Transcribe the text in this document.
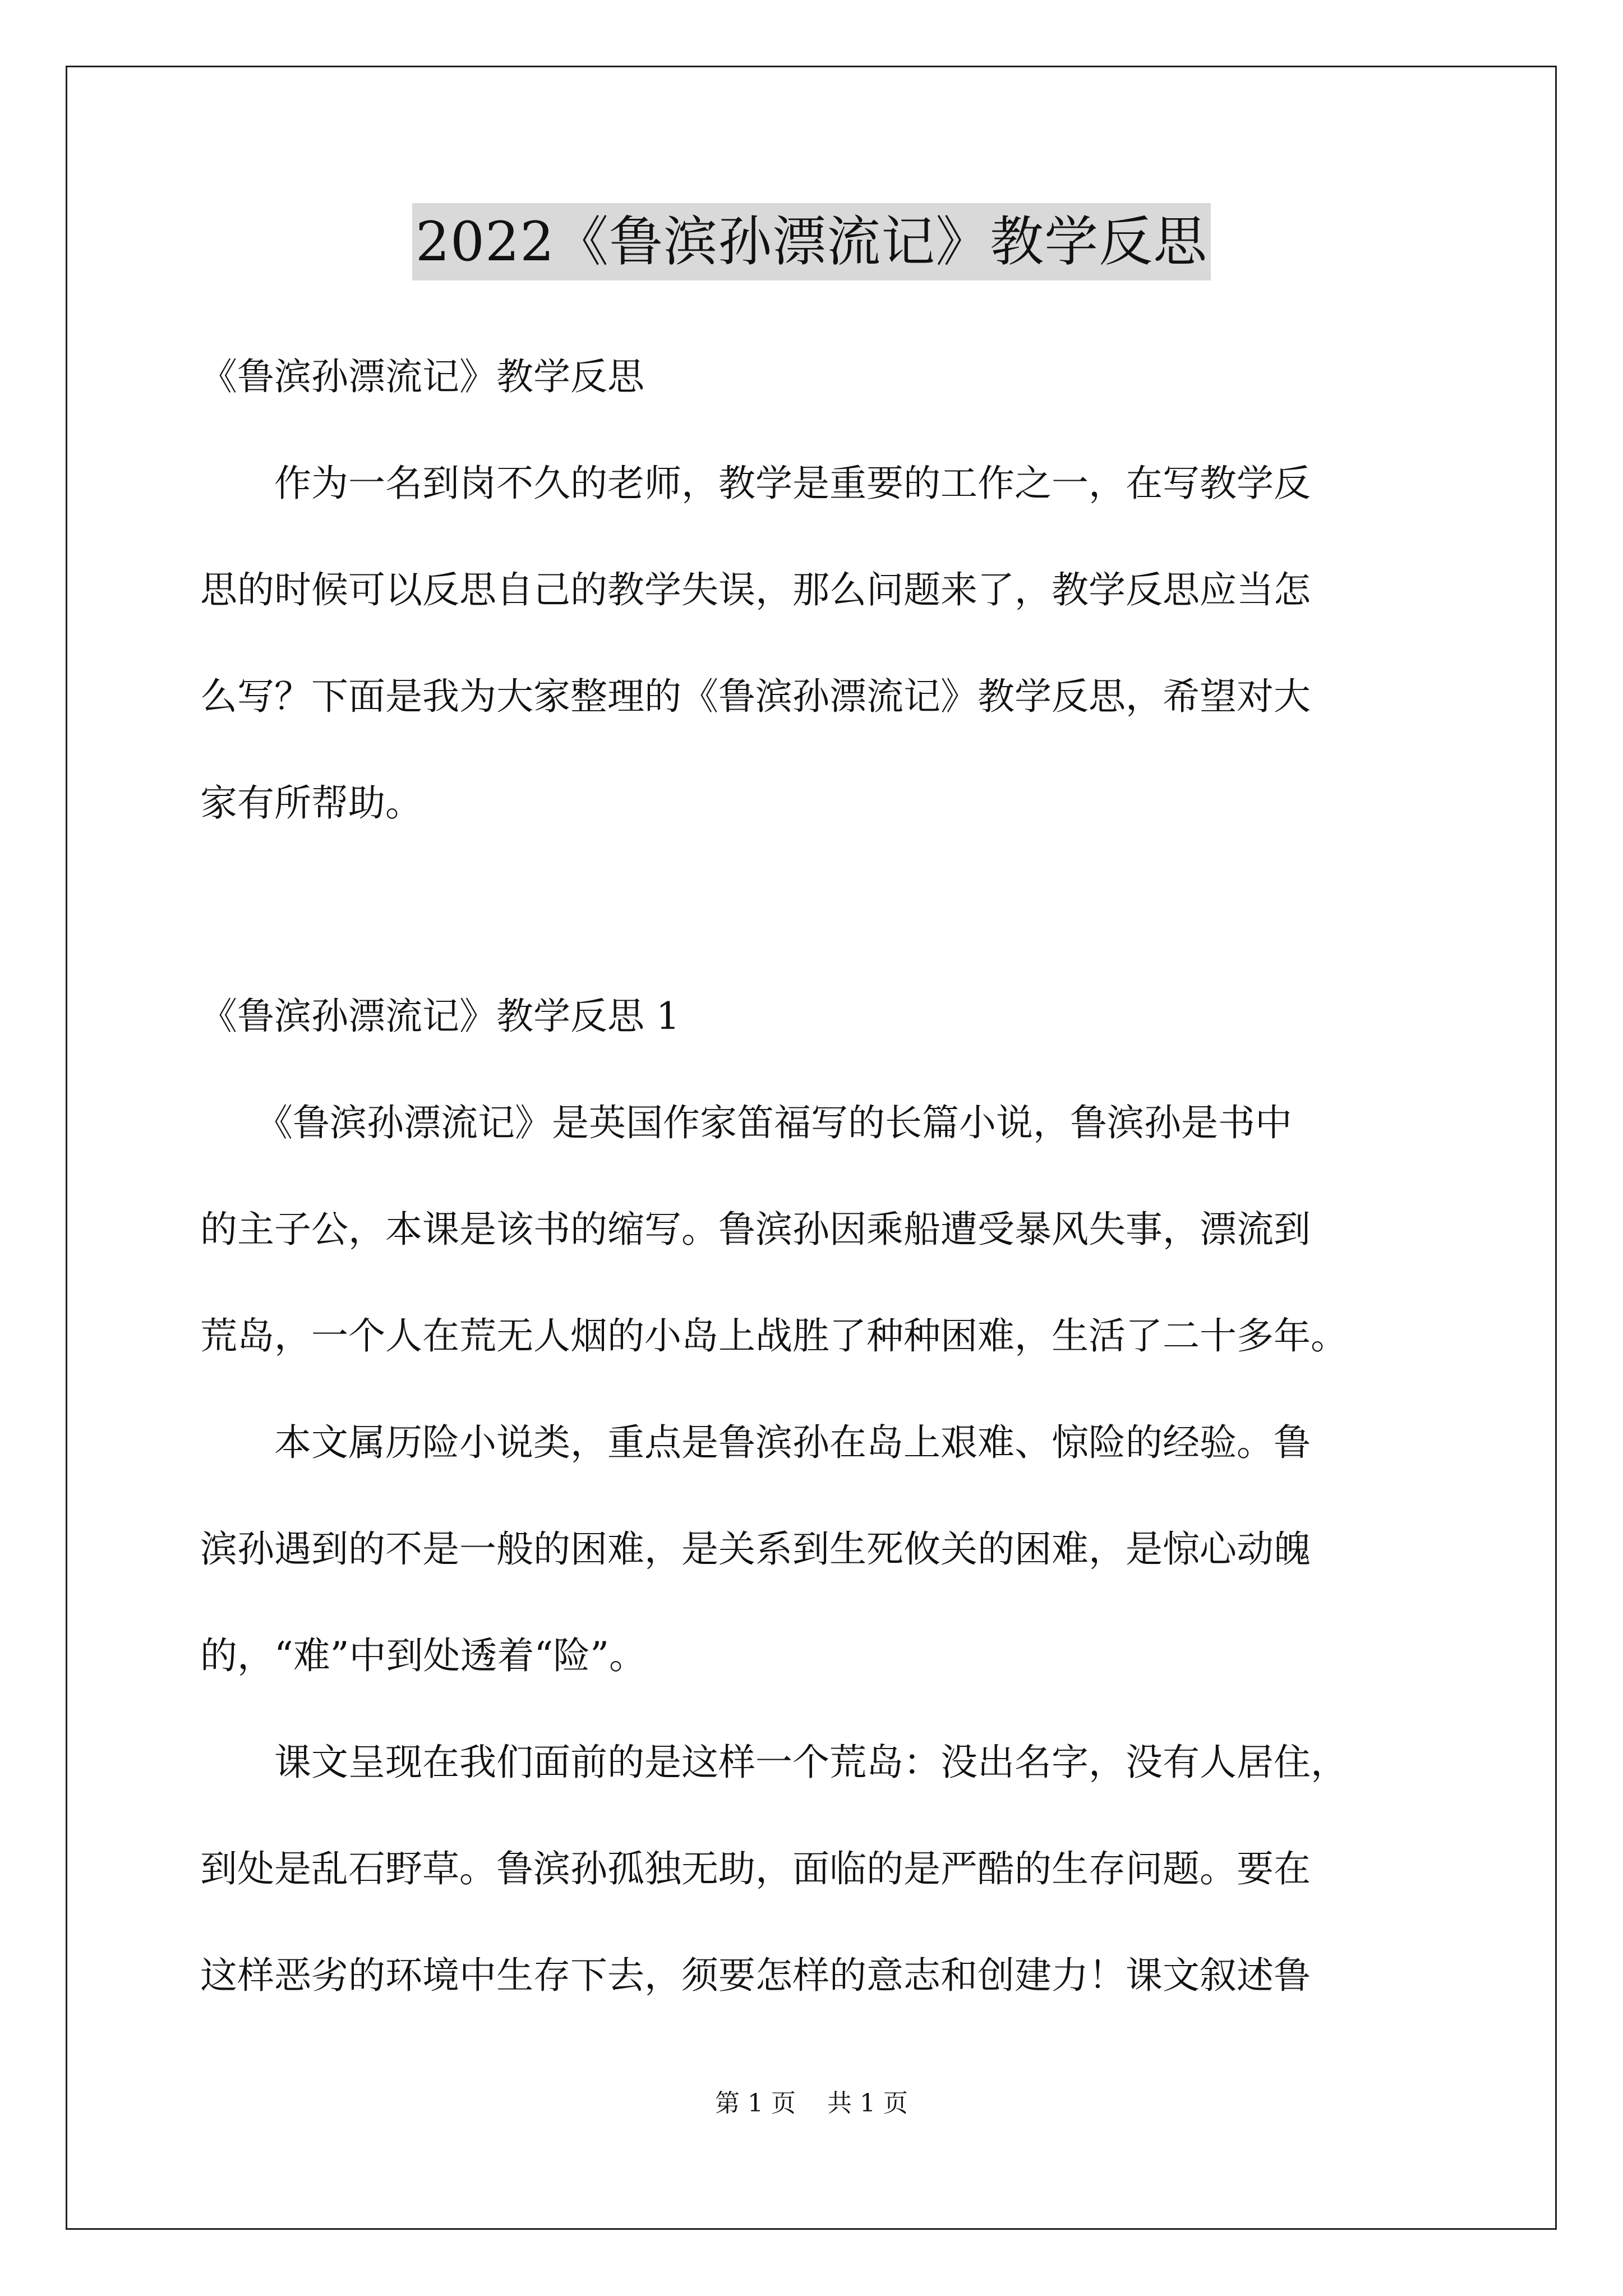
2022《鲁滨孙漂流记》教学反思
《鲁滨孙漂流记》教学反思
　　作为一名到岗不久的老师，教学是重要的工作之一，在写教学反
思的时候可以反思自己的教学失误，那么问题来了，教学反思应当怎
么写？下面是我为大家整理的《鲁滨孙漂流记》教学反思，希望对大
家有所帮助。
《鲁滨孙漂流记》教学反思 1
　　《鲁滨孙漂流记》是英国作家笛福写的长篇小说，鲁滨孙是书中
的主子公，本课是该书的缩写。鲁滨孙因乘船遭受暴风失事，漂流到
荒岛，一个人在荒无人烟的小岛上战胜了种种困难，生活了二十多年。
　　本文属历险小说类，重点是鲁滨孙在岛上艰难、惊险的经验。鲁
滨孙遇到的不是一般的困难，是关系到生死攸关的困难，是惊心动魄
的，“难”中到处透着“险”。
　　课文呈现在我们面前的是这样一个荒岛：没出名字，没有人居住，
到处是乱石野草。鲁滨孙孤独无助，面临的是严酷的生存问题。要在
这样恶劣的环境中生存下去，须要怎样的意志和创建力！课文叙述鲁
第 1 页    共 1 页
